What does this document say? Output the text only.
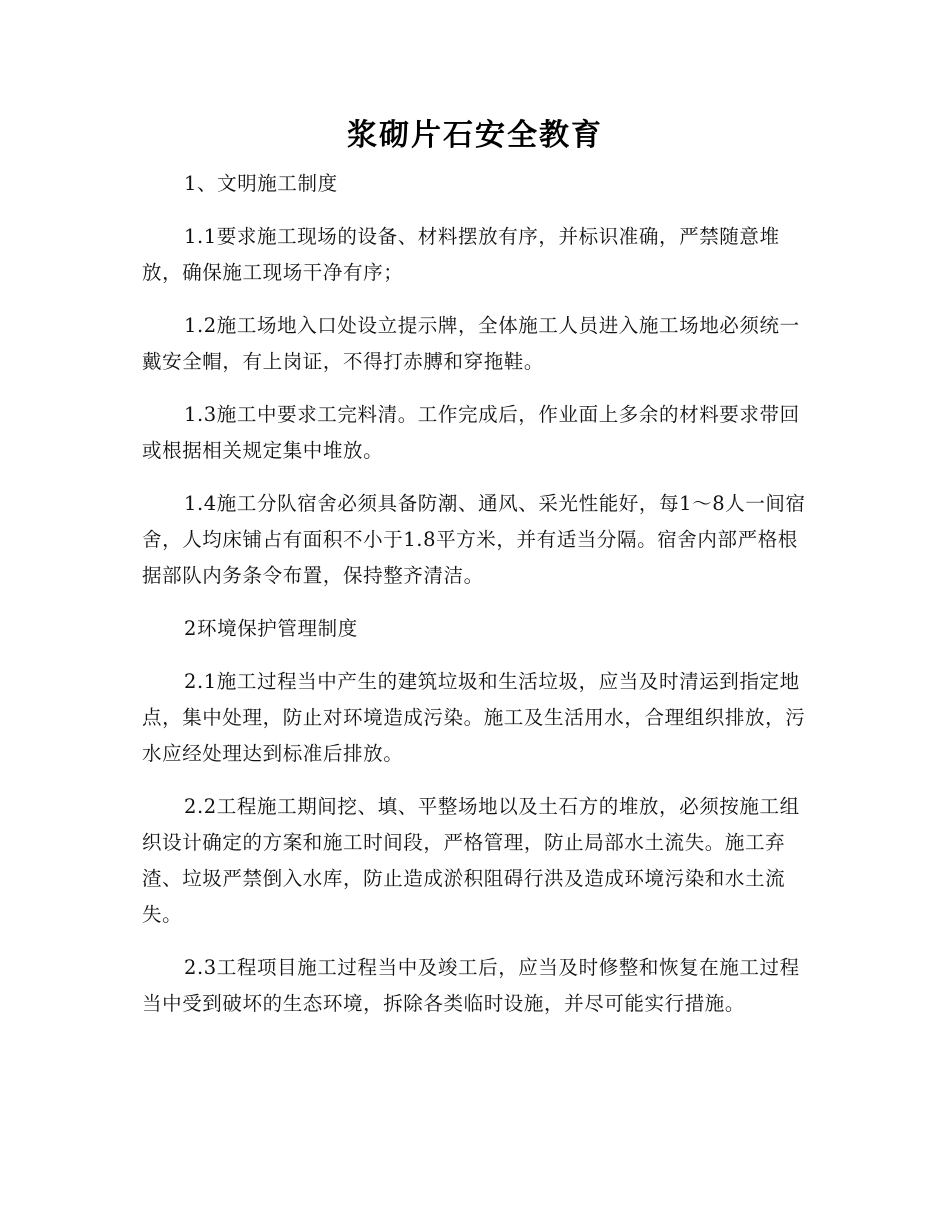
浆砌片石安全教育

1、文明施工制度

1.1要求施工现场的设备、材料摆放有序，并标识准确，严禁随意堆放，确保施工现场干净有序；

1.2施工场地入口处设立提示牌，全体施工人员进入施工场地必须统一戴安全帽，有上岗证，不得打赤膊和穿拖鞋。

1.3施工中要求工完料清。工作完成后，作业面上多余的材料要求带回或根据相关规定集中堆放。

1.4施工分队宿舍必须具备防潮、通风、采光性能好，每1～8人一间宿舍，人均床铺占有面积不小于1.8平方米，并有适当分隔。宿舍内部严格根据部队内务条令布置，保持整齐清洁。

2环境保护管理制度

2.1施工过程当中产生的建筑垃圾和生活垃圾，应当及时清运到指定地点，集中处理，防止对环境造成污染。施工及生活用水，合理组织排放，污水应经处理达到标准后排放。

2.2工程施工期间挖、填、平整场地以及土石方的堆放，必须按施工组织设计确定的方案和施工时间段，严格管理，防止局部水土流失。施工弃渣、垃圾严禁倒入水库，防止造成淤积阻碍行洪及造成环境污染和水土流失。

2.3工程项目施工过程当中及竣工后，应当及时修整和恢复在施工过程当中受到破坏的生态环境，拆除各类临时设施，并尽可能实行措施。
